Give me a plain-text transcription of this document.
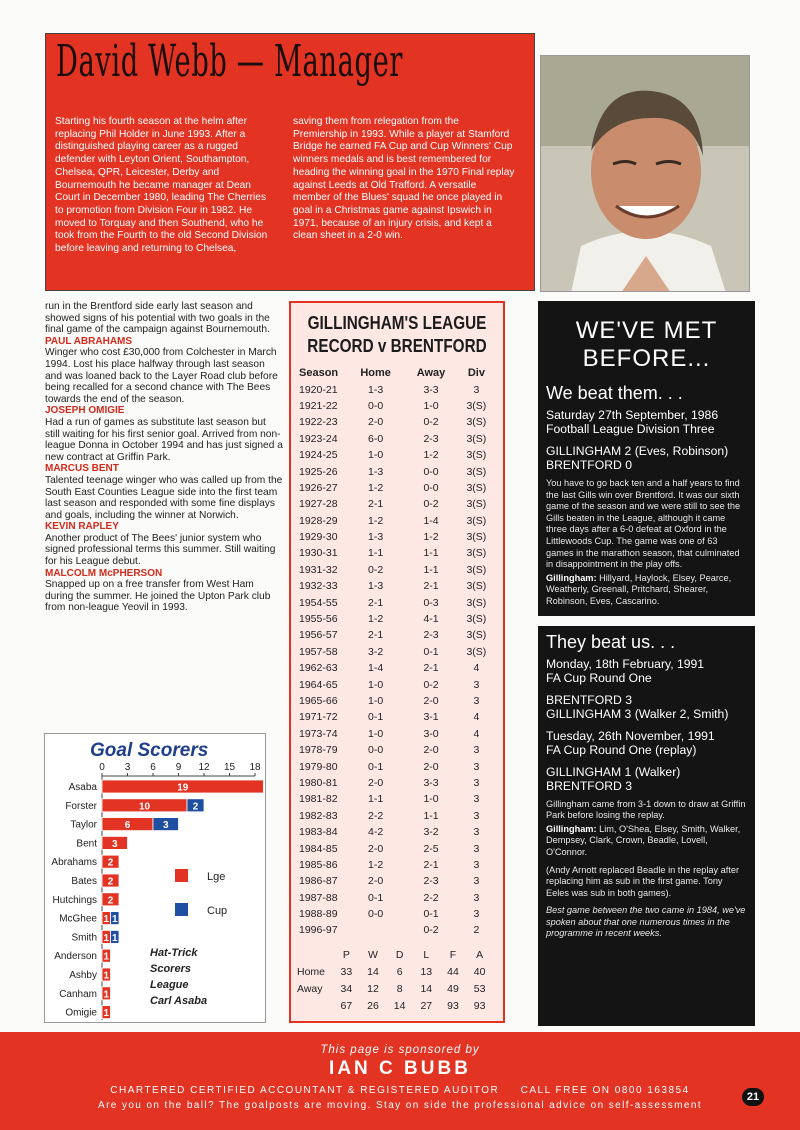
David Webb — Manager
Starting his fourth season at the helm after replacing Phil Holder in June 1993. After a distinguished playing career as a rugged defender with Leyton Orient, Southampton, Chelsea, QPR, Leicester, Derby and Bournemouth he became manager at Dean Court in December 1980, leading The Cherries to promotion from Division Four in 1982. He moved to Torquay and then Southend, who he took from the Fourth to the old Second Division before leaving and returning to Chelsea,
saving them from relegation from the Premiership in 1993. While a player at Stamford Bridge he earned FA Cup and Cup Winners' Cup winners medals and is best remembered for heading the winning goal in the 1970 Final replay against Leeds at Old Trafford. A versatile member of the Blues' squad he once played in goal in a Christmas game against Ipswich in 1971, because of an injury crisis, and kept a clean sheet in a 2-0 win.
run in the Brentford side early last season and showed signs of his potential with two goals in the final game of the campaign against Bournemouth.
PAUL ABRAHAMS
Winger who cost £30,000 from Colchester in March 1994. Lost his place halfway through last season and was loaned back to the Layer Road club before being recalled for a second chance with The Bees towards the end of the season.
JOSEPH OMIGIE
Had a run of games as substitute last season but still waiting for his first senior goal. Arrived from non-league Donna in October 1994 and has just signed a new contract at Griffin Park.
MARCUS BENT
Talented teenage winger who was called up from the South East Counties League side into the first team last season and responded with some fine displays and goals, including the winner at Norwich.
KEVIN RAPLEY
Another product of The Bees' junior system who signed professional terms this summer. Still waiting for his League debut.
MALCOLM McPHERSON
Snapped up on a free transfer from West Ham during the summer. He joined the Upton Park club from non-league Yeovil in 1993.
Goal Scorers
0 3 6 9 12 15 18
Asaba	19
Forster	10	2
Taylor	6	3
Bent 3
Abrahams 2
Bates 2
Hutchings 2
McGhee 1 1
Smith 1 1
Anderson 1
Ashby 1
Canham 1
Omigie 1
Lge
Cup
Hat-Trick
Scorers
League
Carl Asaba
GILLINGHAM'S LEAGUE
RECORD v BRENTFORD
Season	Home	Away	Div
1920-21	1-3	3-3	3
1921-22	0-0	1-0	3(S)
1922-23	2-0	0-2	3(S)
1923-24	6-0	2-3	3(S)
1924-25	1-0	1-2	3(S)
1925-26	1-3	0-0	3(S)
1926-27	1-2	0-0	3(S)
1927-28	2-1	0-2	3(S)
1928-29	1-2	1-4	3(S)
1929-30	1-3	1-2	3(S)
1930-31	1-1	1-1	3(S)
1931-32	0-2	1-1	3(S)
1932-33	1-3	2-1	3(S)
1954-55	2-1	0-3	3(S)
1955-56	1-2	4-1	3(S)
1956-57	2-1	2-3	3(S)
1957-58	3-2	0-1	3(S)
1962-63	1-4	2-1	4
1964-65	1-0	0-2	3
1965-66	1-0	2-0	3
1971-72	0-1	3-1	4
1973-74	1-0	3-0	4
1978-79	0-0	2-0	3
1979-80	0-1	2-0	3
1980-81	2-0	3-3	3
1981-82	1-1	1-0	3
1982-83	2-2	1-1	3
1983-84	4-2	3-2	3
1984-85	2-0	2-5	3
1985-86	1-2	2-1	3
1986-87	2-0	2-3	3
1987-88	0-1	2-2	3
1988-89	0-0	0-1	3
1996-97		0-2	2
	P	W	D	L	F	A
Home	33	14	6	13	44	40
Away	34	12	8	14	49	53
	67	26	14	27	93	93
WE'VE MET
BEFORE...
We beat them. . .
Saturday 27th September, 1986
Football League Division Three
GILLINGHAM 2 (Eves, Robinson)
BRENTFORD 0
You have to go back ten and a half years to find the last Gills win over Brentford. It was our sixth game of the season and we were still to see the Gills beaten in the League, although it came three days after a 6-0 defeat at Oxford in the Littlewoods Cup. The game was one of 63 games in the marathon season, that culminated in disappointment in the play offs.
Gillingham: Hillyard, Haylock, Elsey, Pearce, Weatherly, Greenall, Pritchard, Shearer, Robinson, Eves, Cascarino.
They beat us. . .
Monday, 18th February, 1991
FA Cup Round One
BRENTFORD 3
GILLINGHAM 3 (Walker 2, Smith)
Tuesday, 26th November, 1991
FA Cup Round One (replay)
GILLINGHAM 1 (Walker)
BRENTFORD 3
Gillingham came from 3-1 down to draw at Griffin Park before losing the replay.
Gillingham: Lim, O'Shea, Elsey, Smith, Walker, Dempsey, Clark, Crown, Beadle, Lovell, O'Connor.
(Andy Arnott replaced Beadle in the replay after replacing him as sub in the first game. Tony Eeles was sub in both games).
Best game between the two came in 1984, we've spoken about that one numerous times in the programme in recent weeks.
This page is sponsored by
IAN C BUBB
CHARTERED CERTIFIED ACCOUNTANT & REGISTERED AUDITOR     CALL FREE ON 0800 163854
Are you on the ball? The goalposts are moving. Stay on side the professional advice on self-assessment
21
